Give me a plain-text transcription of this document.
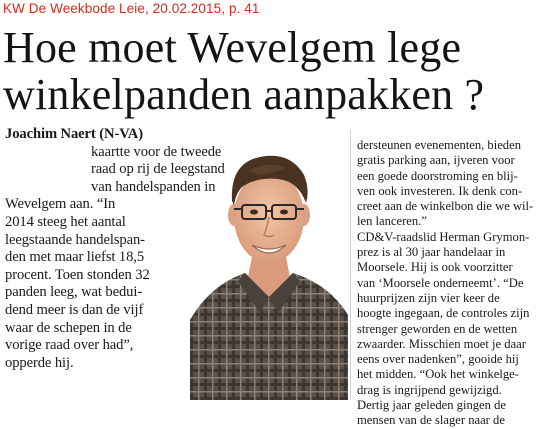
KW De Weekbode Leie, 20.02.2015, p. 41
Hoe moet Wevelgem lege
winkelpanden aanpakken ?
Joachim Naert (N-VA)
kaartte voor de tweede
raad op rij de leegstand
van handelspanden in
Wevelgem aan. “In
2014 steeg het aantal
leegstaande handelspan-
den met maar liefst 18,5
procent. Toen stonden 32
panden leeg, wat bedui-
dend meer is dan de vijf
waar de schepen in de
vorige raad over had”,
opperde hij.
dersteunen evenementen, bieden
gratis parking aan, ijveren voor
een goede doorstroming en blij-
ven ook investeren. Ik denk con-
creet aan de winkelbon die we wil-
len lanceren.”
CD&V-raadslid Herman Grymon-
prez is al 30 jaar handelaar in
Moorsele. Hij is ook voorzitter
van ‘Moorsele onderneemt’. “De
huurprijzen zijn vier keer de
hoogte ingegaan, de controles zijn
strenger geworden en de wetten
zwaarder. Misschien moet je daar
eens over nadenken”, gooide hij
het midden. “Ook het winkelge-
drag is ingrijpend gewijzigd.
Dertig jaar geleden gingen de
mensen van de slager naar de
